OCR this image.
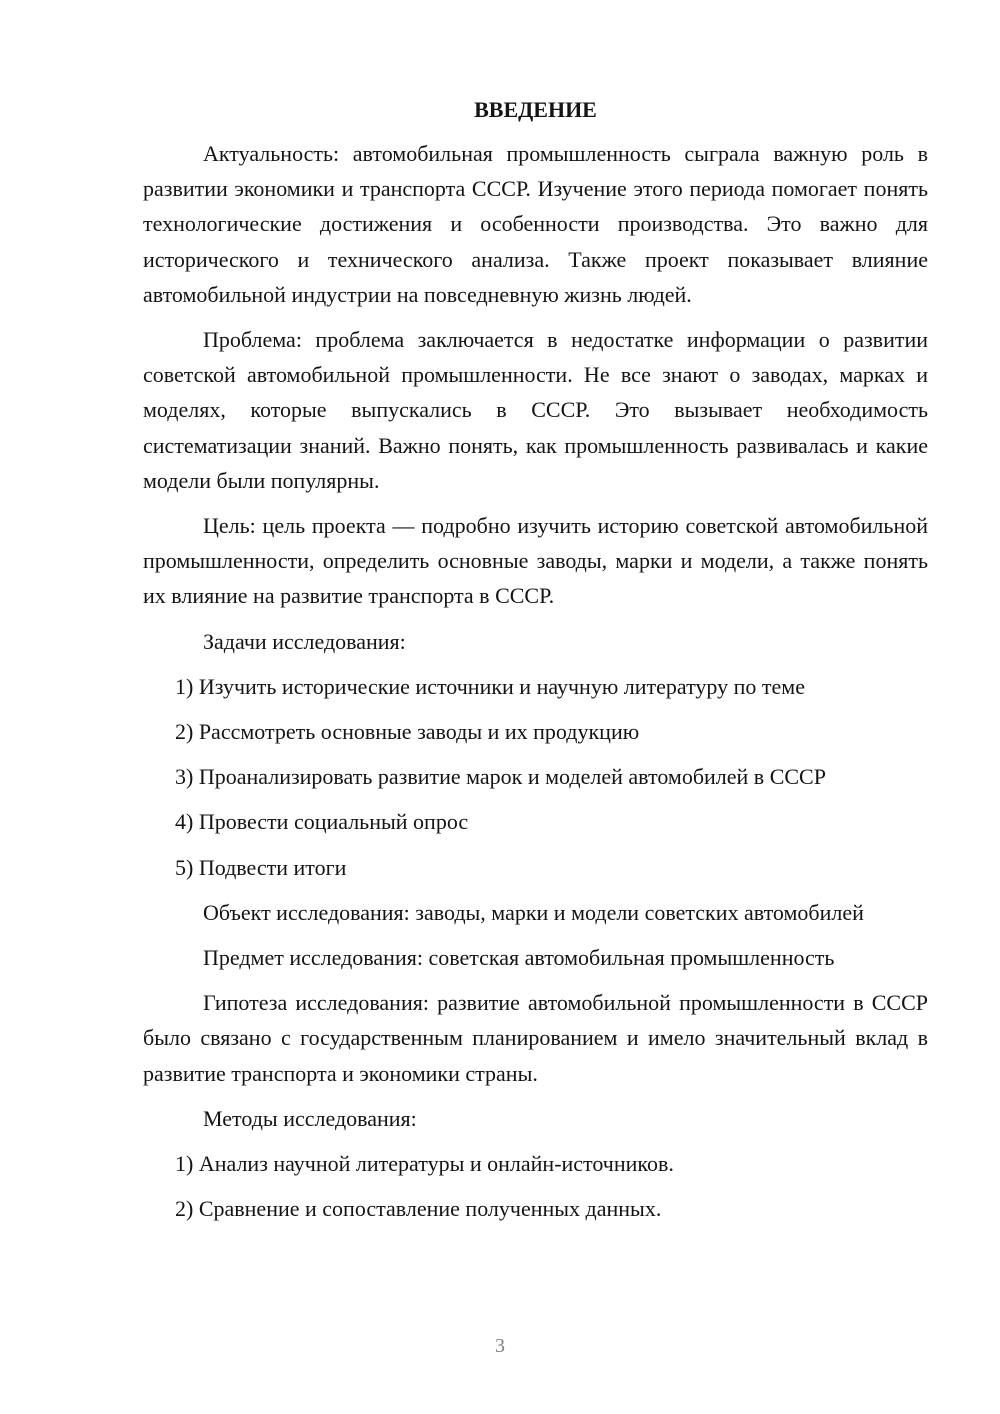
ВВЕДЕНИЕ

Актуальность: автомобильная промышленность сыграла важную роль в развитии экономики и транспорта СССР. Изучение этого периода помогает понять технологические достижения и особенности производства. Это важно для исторического и технического анализа. Также проект показывает влияние автомобильной индустрии на повседневную жизнь людей.

Проблема: проблема заключается в недостатке информации о развитии советской автомобильной промышленности. Не все знают о заводах, марках и моделях, которые выпускались в СССР. Это вызывает необходимость систематизации знаний. Важно понять, как промышленность развивалась и какие модели были популярны.

Цель: цель проекта — подробно изучить историю советской автомобильной промышленности, определить основные заводы, марки и модели, а также понять их влияние на развитие транспорта в СССР.

Задачи исследования:

1) Изучить исторические источники и научную литературу по теме

2) Рассмотреть основные заводы и их продукцию

3) Проанализировать развитие марок и моделей автомобилей в СССР

4) Провести социальный опрос

5) Подвести итоги

Объект исследования: заводы, марки и модели советских автомобилей

Предмет исследования: советская автомобильная промышленность

Гипотеза исследования: развитие автомобильной промышленности в СССР было связано с государственным планированием и имело значительный вклад в развитие транспорта и экономики страны.

Методы исследования:

1) Анализ научной литературы и онлайн-источников.

2) Сравнение и сопоставление полученных данных.

3
